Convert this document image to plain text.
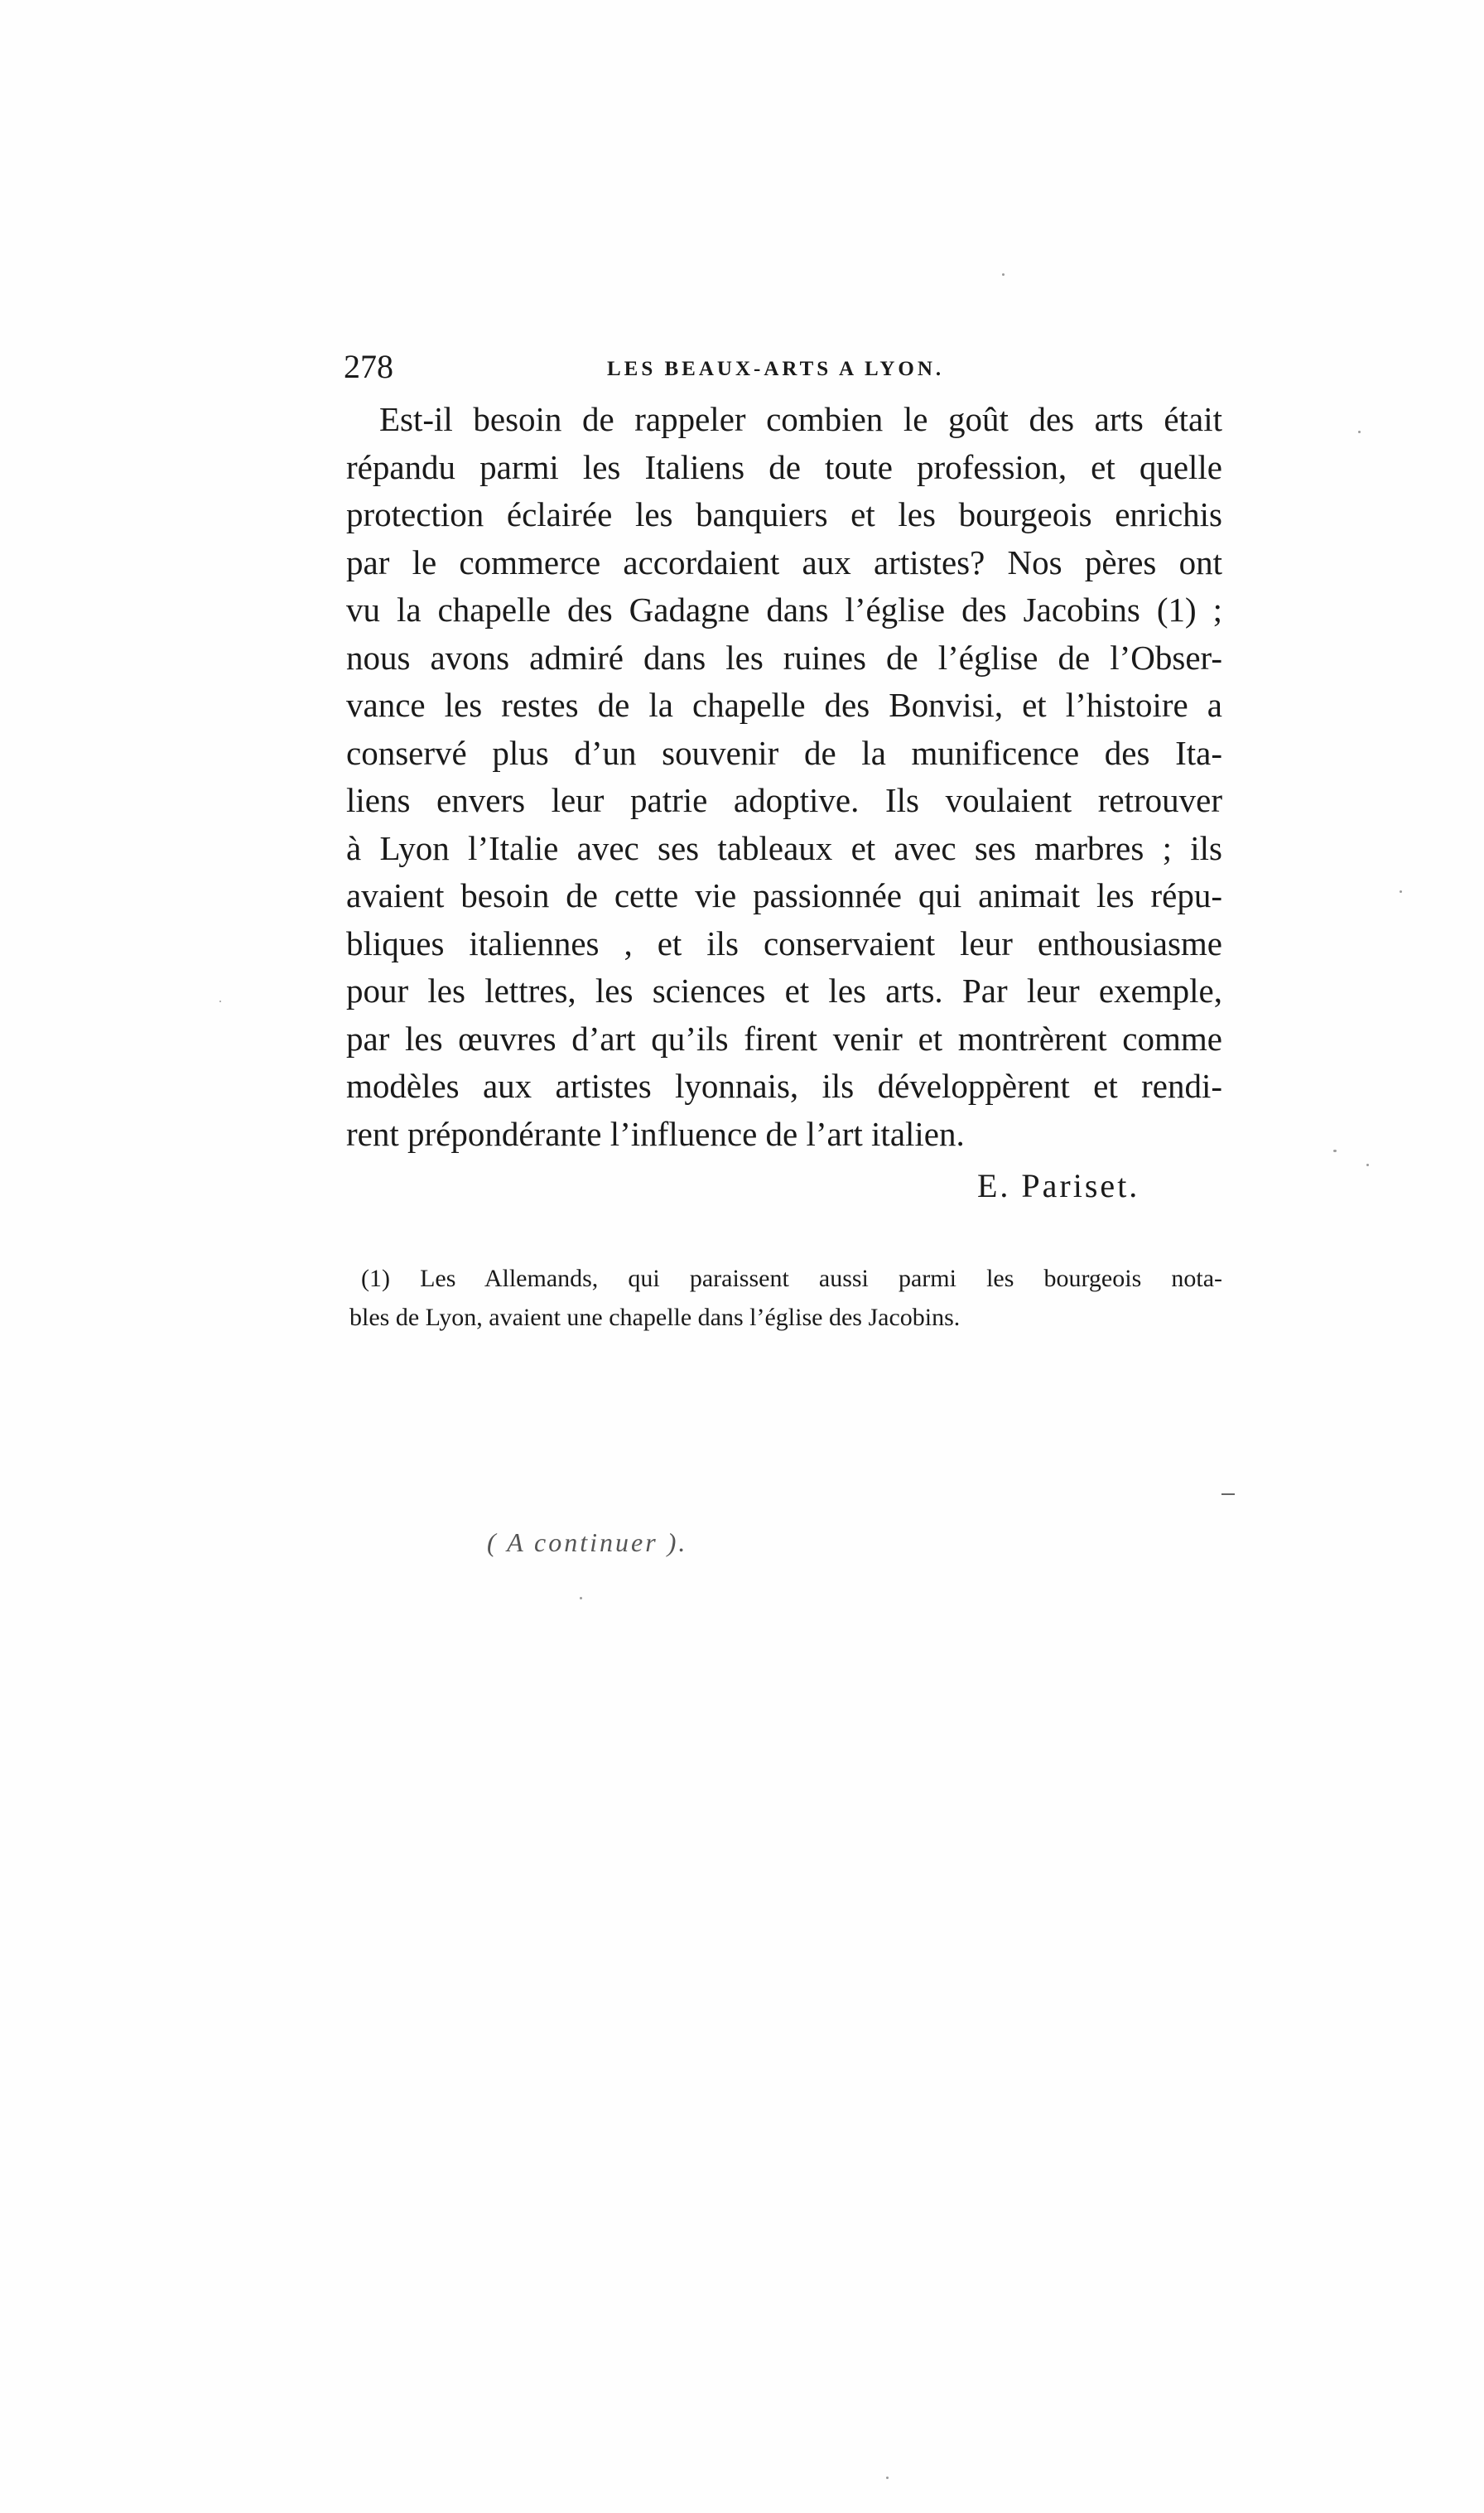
278	LES BEAUX-ARTS A LYON.
Est-il besoin de rappeler combien le goût des arts était
répandu parmi les Italiens de toute profession, et quelle
protection éclairée les banquiers et les bourgeois enrichis
par le commerce accordaient aux artistes? Nos pères ont
vu la chapelle des Gadagne dans l’église des Jacobins (1) ;
nous avons admiré dans les ruines de l’église de l’Obser-
vance les restes de la chapelle des Bonvisi, et l’histoire a
conservé plus d’un souvenir de la munificence des Ita-
liens envers leur patrie adoptive. Ils voulaient retrouver
à Lyon l’Italie avec ses tableaux et avec ses marbres ; ils
avaient besoin de cette vie passionnée qui animait les répu-
bliques italiennes , et ils conservaient leur enthousiasme
pour les lettres, les sciences et les arts. Par leur exemple,
par les œuvres d’art qu’ils firent venir et montrèrent comme
modèles aux artistes lyonnais, ils développèrent et rendi-
rent prépondérante l’influence de l’art italien.
E. Pariset.
(1) Les Allemands, qui paraissent aussi parmi les bourgeois nota-
bles de Lyon, avaient une chapelle dans l’église des Jacobins.
( A continuer ).
